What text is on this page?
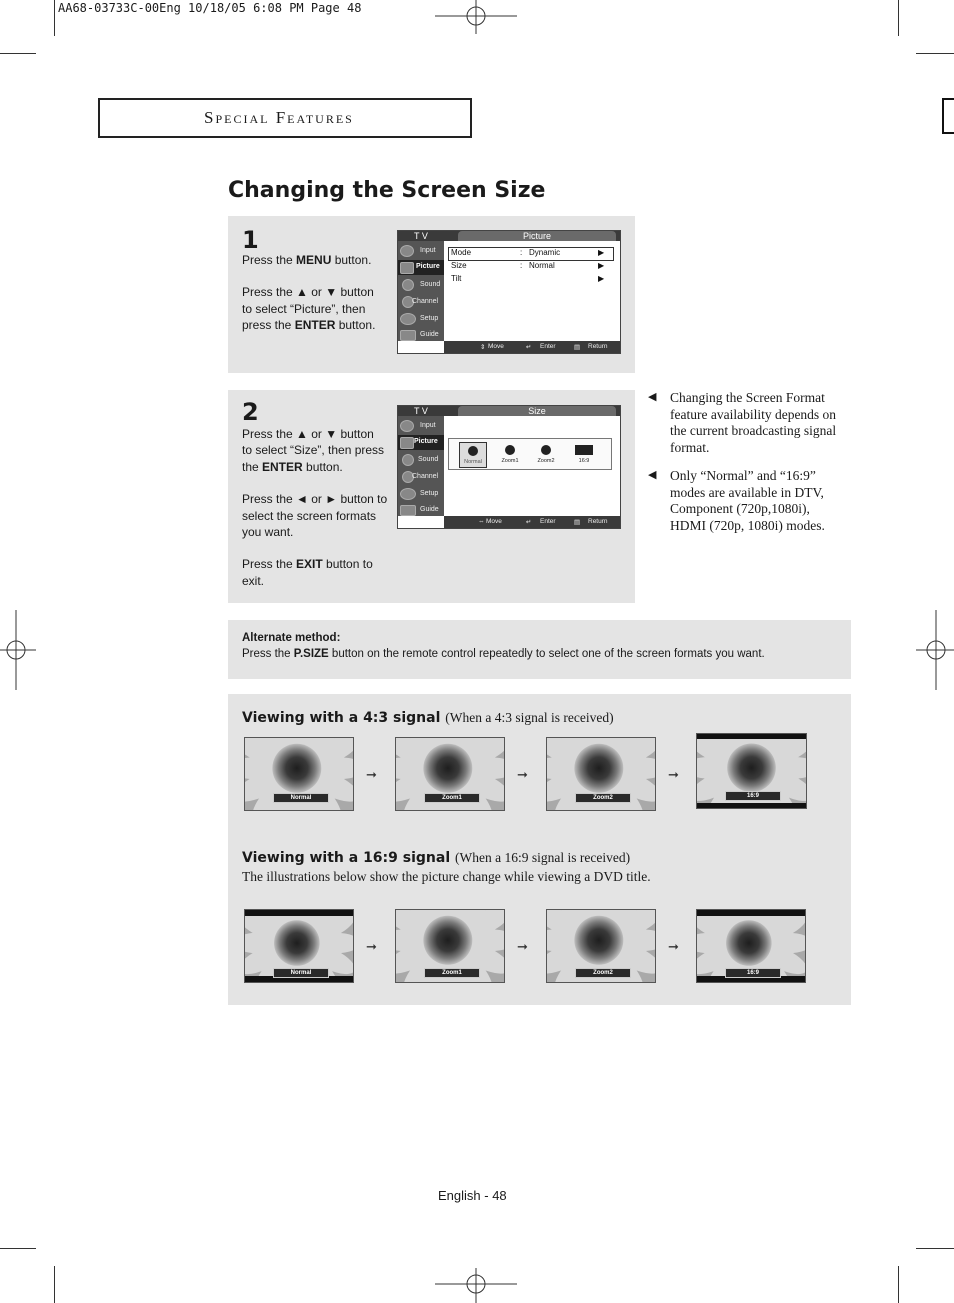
AA68-03733C-00Eng 10/18/05 6:08 PM Page 48
Special Features
Changing the Screen Size
1
Press the MENU button.
Press the ▲ or ▼ button
to select “Picture”, then
press the ENTER button.
T V	Picture
Input
Picture
Sound
Channel
Setup
Guide
Mode	: Dynamic	▶
Size	: Normal	▶
Tilt	▶
⇕ Move	↵ Enter	▤ Return
2
Press the ▲ or ▼ button
to select “Size”, then press
the ENTER button.
Press the ◄ or ► button to
select the screen formats
you want.
Press the EXIT button to
exit.
T V	Size
Input
Picture
Sound
Channel
Setup
Guide
Normal	Zoom1	Zoom2	16:9
⇔ Move	↵ Enter	▤ Return
◀ Changing the Screen Format feature availability depends on the current broadcasting signal format.
◀ Only “Normal” and “16:9” modes are available in DTV, Component (720p,1080i), HDMI (720p, 1080i) modes.
Alternate method:
Press the P.SIZE button on the remote control repeatedly to select one of the screen formats you want.
Viewing with a 4:3 signal (When a 4:3 signal is received)
Viewing with a 16:9 signal (When a 16:9 signal is received)
The illustrations below show the picture change while viewing a DVD title.
Normal
➞
Zoom1
➞
Zoom2
➞
16:9
Normal
➞
Zoom1
➞
Zoom2
➞
16:9
English - 48
